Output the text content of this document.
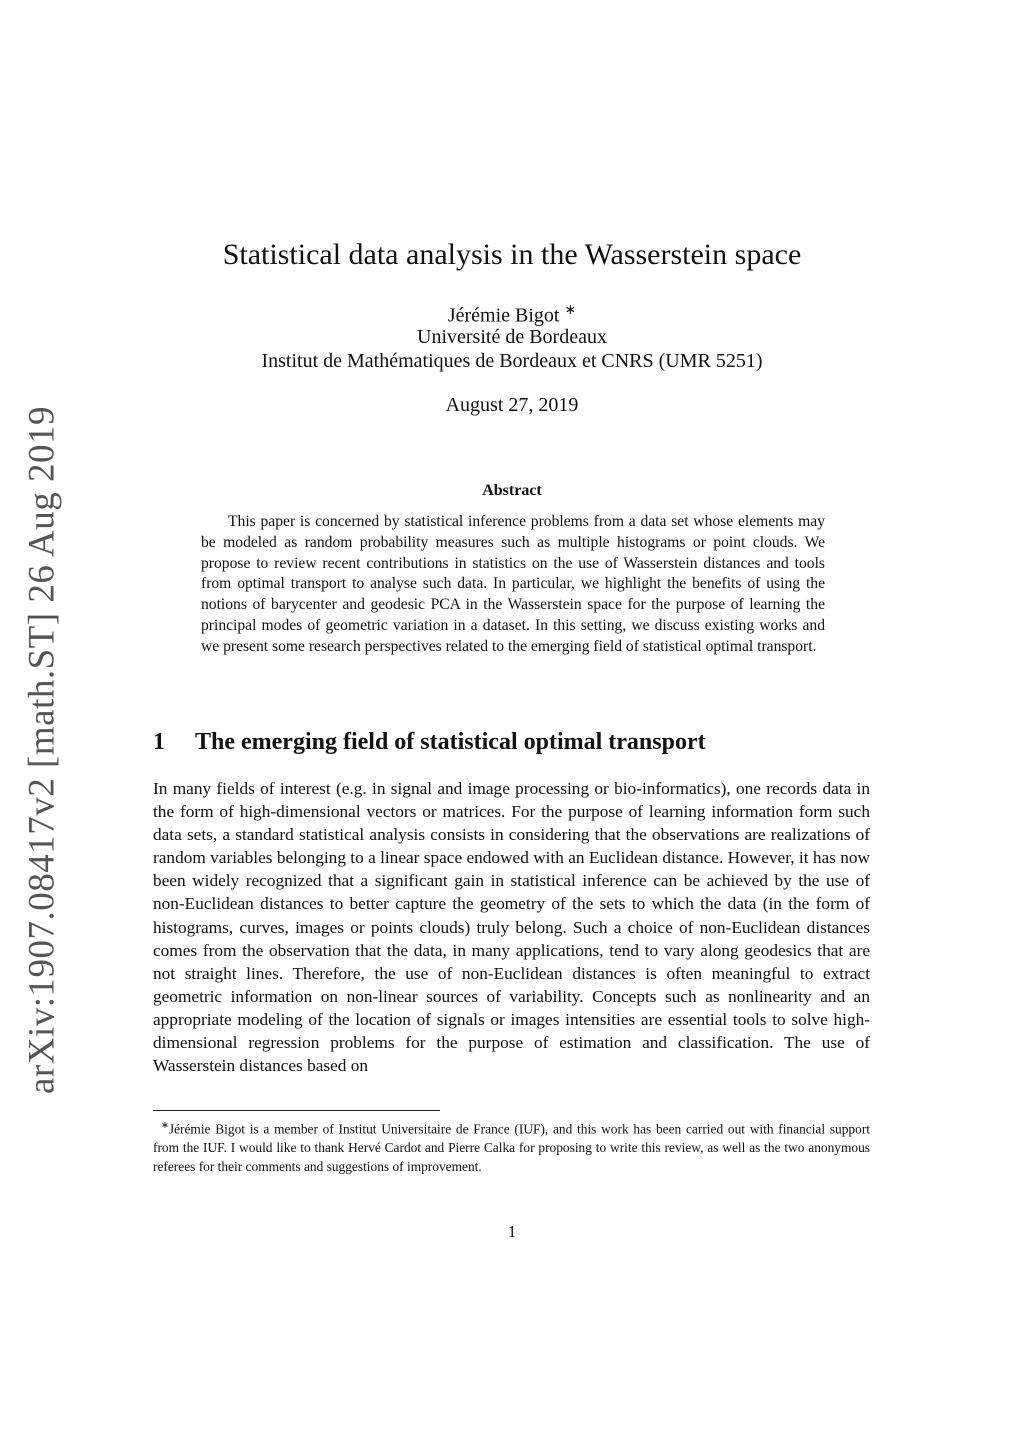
arXiv:1907.08417v2 [math.ST] 26 Aug 2019
Statistical data analysis in the Wasserstein space
Jérémie Bigot ∗
Université de Bordeaux
Institut de Mathématiques de Bordeaux et CNRS (UMR 5251)
August 27, 2019
Abstract

This paper is concerned by statistical inference problems from a data set whose elements may be modeled as random probability measures such as multiple histograms or point clouds. We propose to review recent contributions in statistics on the use of Wasserstein distances and tools from optimal transport to analyse such data. In particular, we highlight the benefits of using the notions of barycenter and geodesic PCA in the Wasserstein space for the purpose of learning the principal modes of geometric variation in a dataset. In this setting, we discuss existing works and we present some research perspectives related to the emerging field of statistical optimal transport.

1 The emerging field of statistical optimal transport

In many fields of interest (e.g. in signal and image processing or bio-informatics), one records data in the form of high-dimensional vectors or matrices. For the purpose of learning information form such data sets, a standard statistical analysis consists in considering that the observations are realizations of random variables belonging to a linear space endowed with an Euclidean distance. However, it has now been widely recognized that a significant gain in statistical inference can be achieved by the use of non-Euclidean distances to better capture the geometry of the sets to which the data (in the form of histograms, curves, images or points clouds) truly belong. Such a choice of non-Euclidean distances comes from the observation that the data, in many applications, tend to vary along geodesics that are not straight lines. Therefore, the use of non-Euclidean distances is often meaningful to extract geometric information on non-linear sources of variability. Concepts such as nonlinearity and an appropriate modeling of the location of signals or images intensities are essential tools to solve high-dimensional regression problems for the purpose of estimation and classification. The use of Wasserstein distances based on

∗Jérémie Bigot is a member of Institut Universitaire de France (IUF), and this work has been carried out with financial support from the IUF. I would like to thank Hervé Cardot and Pierre Calka for proposing to write this review, as well as the two anonymous referees for their comments and suggestions of improvement.

1
